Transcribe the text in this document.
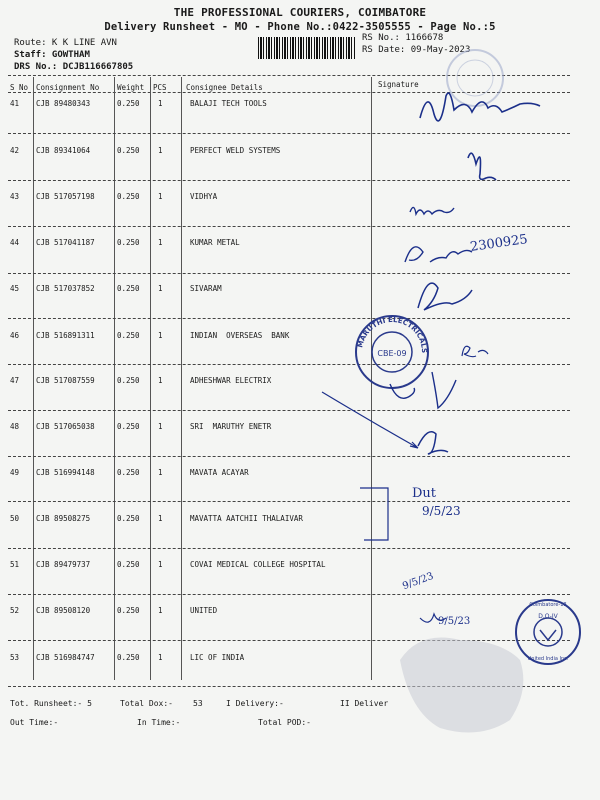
THE PROFESSIONAL COURIERS, COIMBATORE
Delivery Runsheet - MO - Phone No.:0422-3505555 - Page No.:5
Route: K K LINE AVN
Staff: GOWTHAM
DRS No.: DCJB116667805
RS No.: 1166678
RS Date: 09-May-2023
S No Consignment No Weight PCS	Consignee Details	Signature
41 CJB 89480343	0.250 1	BALAJI TECH TOOLS
42 CJB 89341064	0.250 1	PERFECT WELD SYSTEMS
43 CJB 517057198	0.250 1	VIDHYA
44 CJB 517041187	0.250 1	KUMAR METAL
45 CJB 517037852	0.250 1	SIVARAM
46 CJB 516891311	0.250 1	INDIAN  OVERSEAS  BANK
47 CJB 517087559	0.250 1	ADHESHWAR ELECTRIX
48 CJB 517065038	0.250 1	SRI  MARUTHY ENETR
49 CJB 516994148	0.250 1	MAVATA ACAYAR
50 CJB 89508275	0.250 1	MAVATTA AATCHII THALAIVAR
51 CJB 89479737	0.250 1	COVAI MEDICAL COLLEGE HOSPITAL
52 CJB 89508120	0.250 1	UNITED
53 CJB 516984747	0.250 1	LIC OF INDIA
Tot. Runsheet:- 5	Total Dox:-	53	I Delivery:-	II Deliver
Out Time:-	In Time:-	Total POD:-
CBE-09
MARUTHI ELECTRICALS
D.O-IV
Coimbatore-18
United India Ins.
2300925
Dut
9/5/23
9/5/23
9/5/23
